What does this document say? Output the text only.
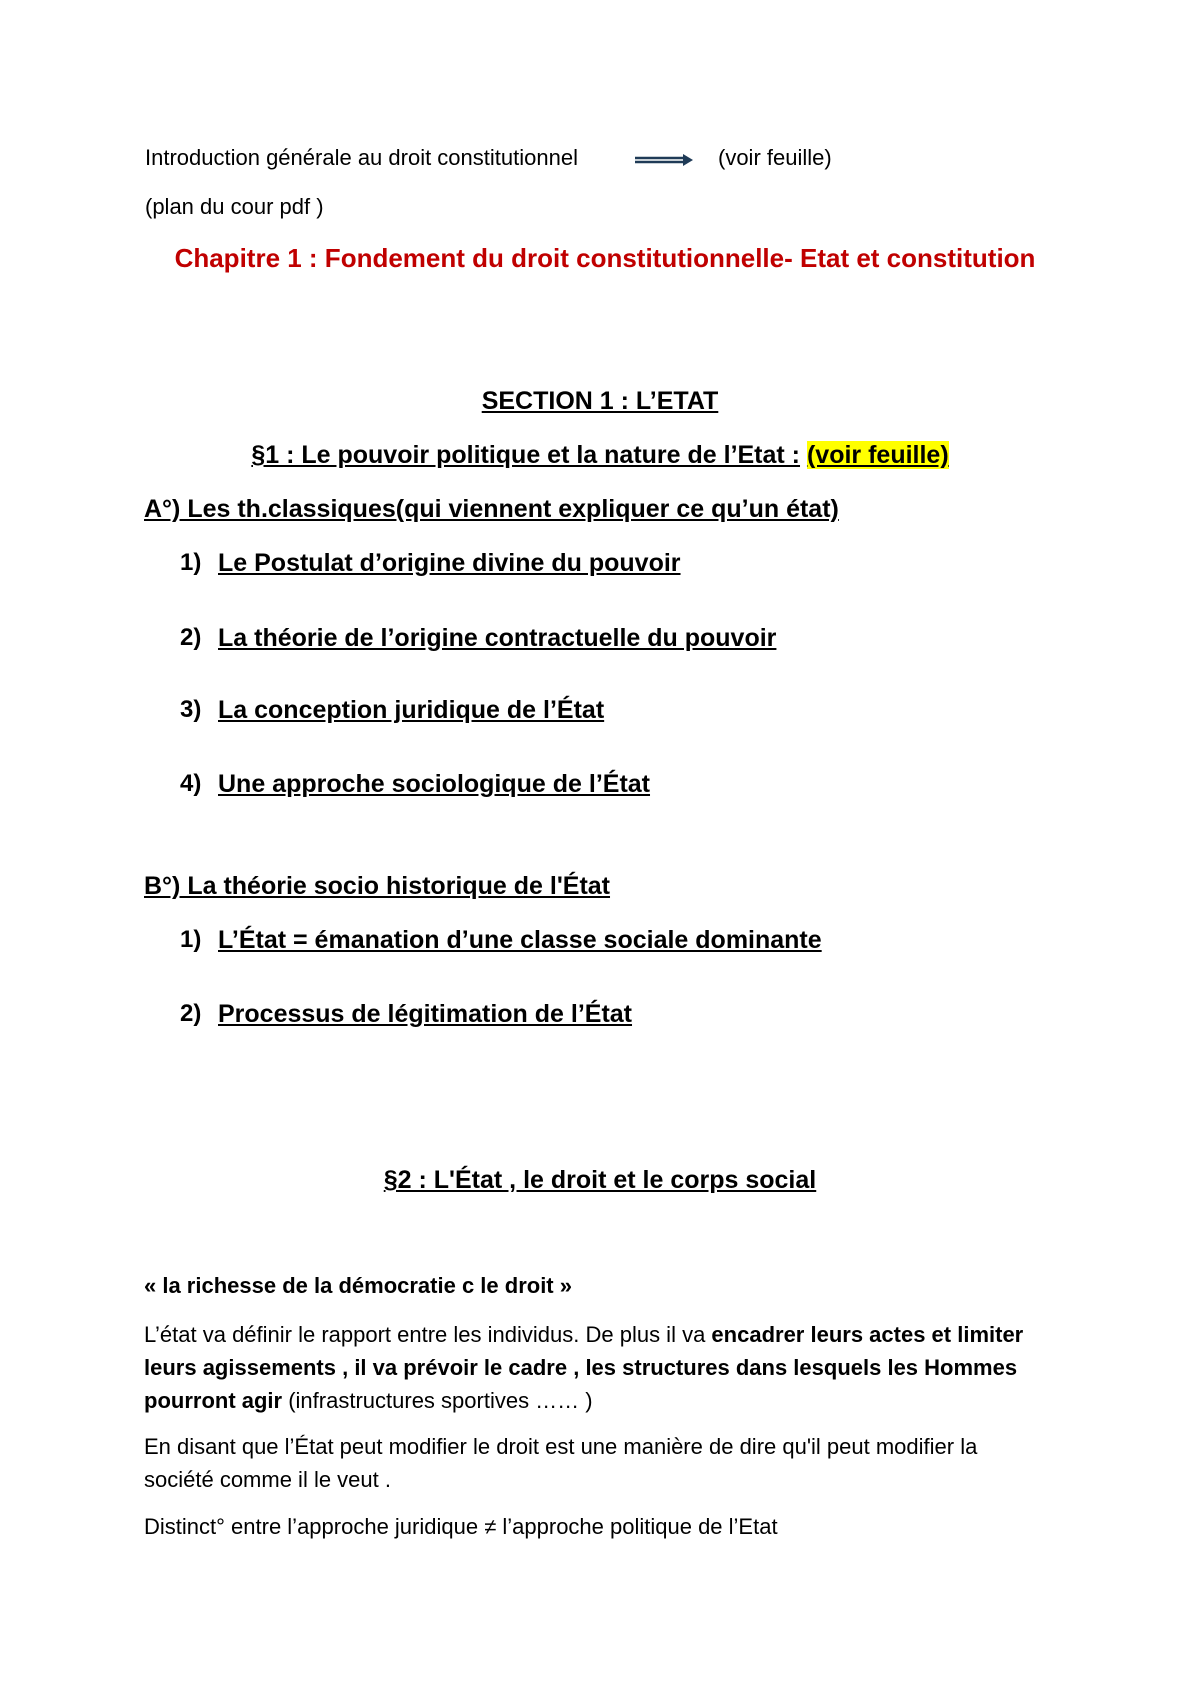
Introduction générale au droit constitutionnel	(voir feuille)
(plan du cour pdf )
Chapitre 1 : Fondement du droit constitutionnelle- Etat et constitution
SECTION 1 : L’ETAT
§1 : Le pouvoir politique et la nature de l’Etat : (voir feuille)
A°) Les th.classiques(qui viennent expliquer ce qu’un état)
1) Le Postulat d’origine divine du pouvoir
2) La théorie de l’origine contractuelle du pouvoir
3) La conception juridique de l’État
4) Une approche sociologique de l’État
B°) La théorie socio historique de l'État
1) L’État = émanation d’une classe sociale dominante
2) Processus de légitimation de l’État
§2 : L'État , le droit et le corps social
« la richesse de la démocratie c le droit »
L’état va définir le rapport entre les individus. De plus il va encadrer leurs actes et limiter leurs agissements , il va prévoir le cadre , les structures dans lesquels les Hommes pourront agir (infrastructures sportives …… )
En disant que l’État peut modifier le droit est une manière de dire qu'il peut modifier la société comme il le veut .
Distinct° entre l’approche juridique ≠ l’approche politique de l’Etat
